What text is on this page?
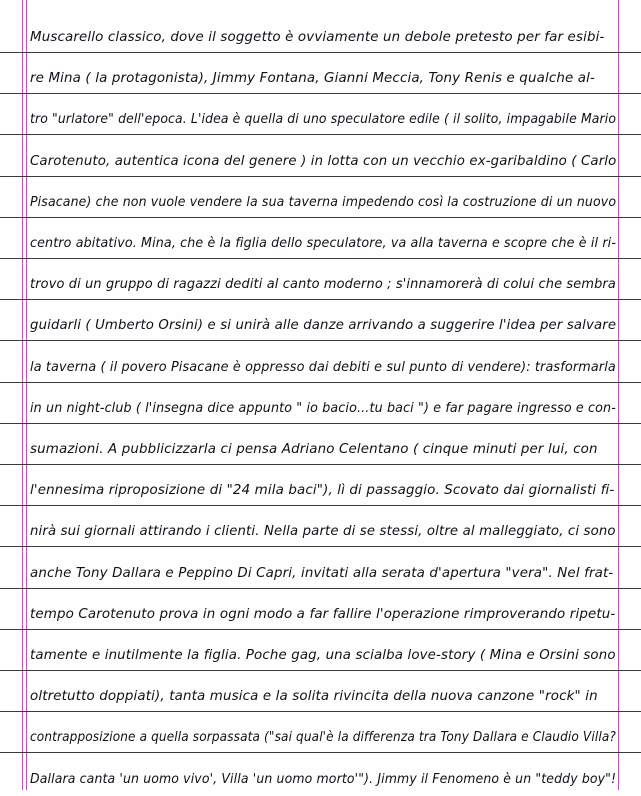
Muscarello classico, dove il soggetto è ovviamente un debole pretesto per far esibi-
re Mina ( la protagonista), Jimmy Fontana, Gianni Meccia, Tony Renis e qualche al-
tro "urlatore" dell'epoca. L'idea è quella di uno speculatore edile ( il solito, impagabile Mario
Carotenuto, autentica icona del genere ) in lotta con un vecchio ex-garibaldino ( Carlo
Pisacane) che non vuole vendere la sua taverna impedendo così la costruzione di un nuovo
centro abitativo. Mina, che è la figlia dello speculatore, va alla taverna e scopre che è il ri-
trovo di un gruppo di ragazzi dediti al canto moderno ; s'innamorerà di colui che sembra
guidarli ( Umberto Orsini) e si unirà alle danze arrivando a suggerire l'idea per salvare
la taverna ( il povero Pisacane è oppresso dai debiti e sul punto di vendere): trasformarla
in un night-club ( l'insegna dice appunto " io bacio...tu baci ") e far pagare ingresso e con-
sumazioni. A pubblicizzarla ci pensa Adriano Celentano ( cinque minuti per lui, con
l'ennesima riproposizione di "24 mila baci"), lì di passaggio. Scovato dai giornalisti fi-
nirà sui giornali attirando i clienti. Nella parte di se stessi, oltre al malleggiato, ci sono
anche Tony Dallara e Peppino Di Capri, invitati alla serata d'apertura "vera". Nel frat-
tempo Carotenuto prova in ogni modo a far fallire l'operazione rimproverando ripetu-
tamente e inutilmente la figlia. Poche gag, una scialba love-story ( Mina e Orsini sono
oltretutto doppiati), tanta musica e la solita rivincita della nuova canzone "rock" in
contrapposizione a quella sorpassata ("sai qual'è la differenza tra Tony Dallara e Claudio Villa?
Dallara canta 'un uomo vivo', Villa 'un uomo morto'"). Jimmy il Fenomeno è un "teddy boy"!
